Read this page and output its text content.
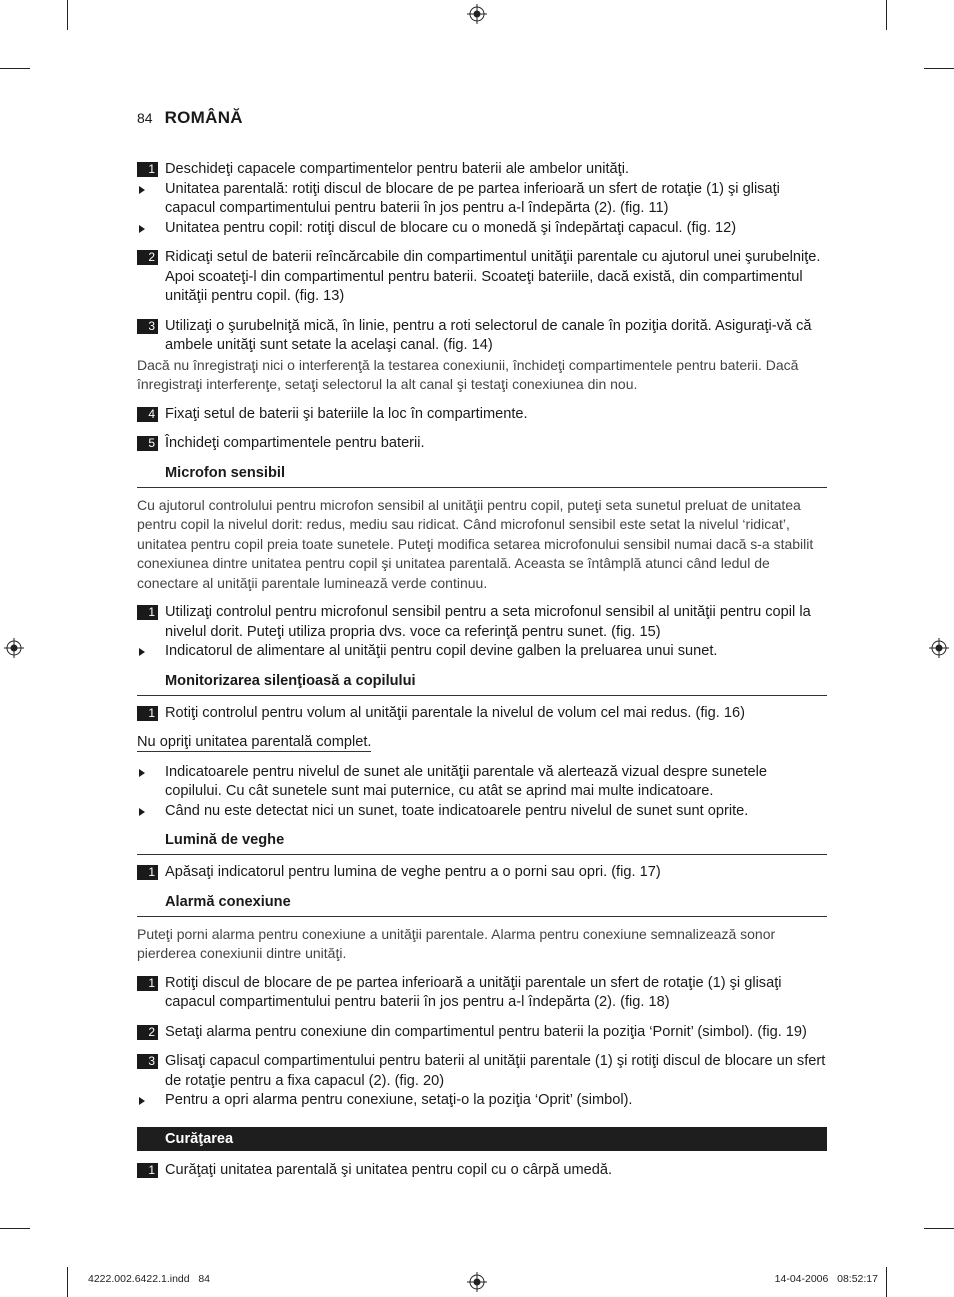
84 ROMÂNĂ
1 Deschideţi capacele compartimentelor pentru baterii ale ambelor unităţi.
Unitatea parentală: rotiţi discul de blocare de pe partea inferioară un sfert de rotaţie (1) şi glisaţi capacul compartimentului pentru baterii în jos pentru a-l îndepărta (2). (fig. 11)
Unitatea pentru copil: rotiţi discul de blocare cu o monedă şi îndepărtaţi capacul. (fig. 12)
2 Ridicaţi setul de baterii reîncărcabile din compartimentul unităţii parentale cu ajutorul unei şurubelniţe. Apoi scoateţi-l din compartimentul pentru baterii. Scoateţi bateriile, dacă există, din compartimentul unităţii pentru copil. (fig. 13)
3 Utilizaţi o şurubelniţă mică, în linie, pentru a roti selectorul de canale în poziţia dorită. Asiguraţi-vă că ambele unităţi sunt setate la acelaşi canal. (fig. 14)
Dacă nu înregistraţi nici o interferenţă la testarea conexiunii, închideţi compartimentele pentru baterii. Dacă înregistraţi interferenţe, setaţi selectorul la alt canal şi testaţi conexiunea din nou.
4 Fixaţi setul de baterii şi bateriile la loc în compartimente.
5 Închideţi compartimentele pentru baterii.
Microfon sensibil
Cu ajutorul controlului pentru microfon sensibil al unităţii pentru copil, puteţi seta sunetul preluat de unitatea pentru copil la nivelul dorit: redus, mediu sau ridicat. Când microfonul sensibil este setat la nivelul ‘ridicat’, unitatea pentru copil preia toate sunetele. Puteţi modifica setarea microfonului sensibil numai dacă s-a stabilit conexiunea dintre unitatea pentru copil şi unitatea parentală. Aceasta se întâmplă atunci când ledul de conectare al unităţii parentale luminează verde continuu.
1 Utilizaţi controlul pentru microfonul sensibil pentru a seta microfonul sensibil al unităţii pentru copil la nivelul dorit. Puteţi utiliza propria dvs. voce ca referinţă pentru sunet. (fig. 15)
Indicatorul de alimentare al unităţii pentru copil devine galben la preluarea unui sunet.
Monitorizarea silenţioasă a copilului
1 Rotiţi controlul pentru volum al unităţii parentale la nivelul de volum cel mai redus. (fig. 16)
Nu opriţi unitatea parentală complet.
Indicatoarele pentru nivelul de sunet ale unităţii parentale vă alertează vizual despre sunetele copilului. Cu cât sunetele sunt mai puternice, cu atât se aprind mai multe indicatoare.
Când nu este detectat nici un sunet, toate indicatoarele pentru nivelul de sunet sunt oprite.
Lumină de veghe
1 Apăsaţi indicatorul pentru lumina de veghe pentru a o porni sau opri. (fig. 17)
Alarmă conexiune
Puteţi porni alarma pentru conexiune a unităţii parentale. Alarma pentru conexiune semnalizează sonor pierderea conexiunii dintre unităţi.
1 Rotiţi discul de blocare de pe partea inferioară a unităţii parentale un sfert de rotaţie (1) şi glisaţi capacul compartimentului pentru baterii în jos pentru a-l îndepărta (2). (fig. 18)
2 Setaţi alarma pentru conexiune din compartimentul pentru baterii la poziţia ‘Pornit’ (simbol). (fig. 19)
3 Glisaţi capacul compartimentului pentru baterii al unităţii parentale (1) şi rotiţi discul de blocare un sfert de rotaţie pentru a fixa capacul (2). (fig. 20)
Pentru a opri alarma pentru conexiune, setaţi-o la poziţia ‘Oprit’ (simbol).
Curăţarea
1 Curăţaţi unitatea parentală şi unitatea pentru copil cu o cârpă umedă.
4222.002.6422.1.indd   84	14-04-2006   08:52:17
